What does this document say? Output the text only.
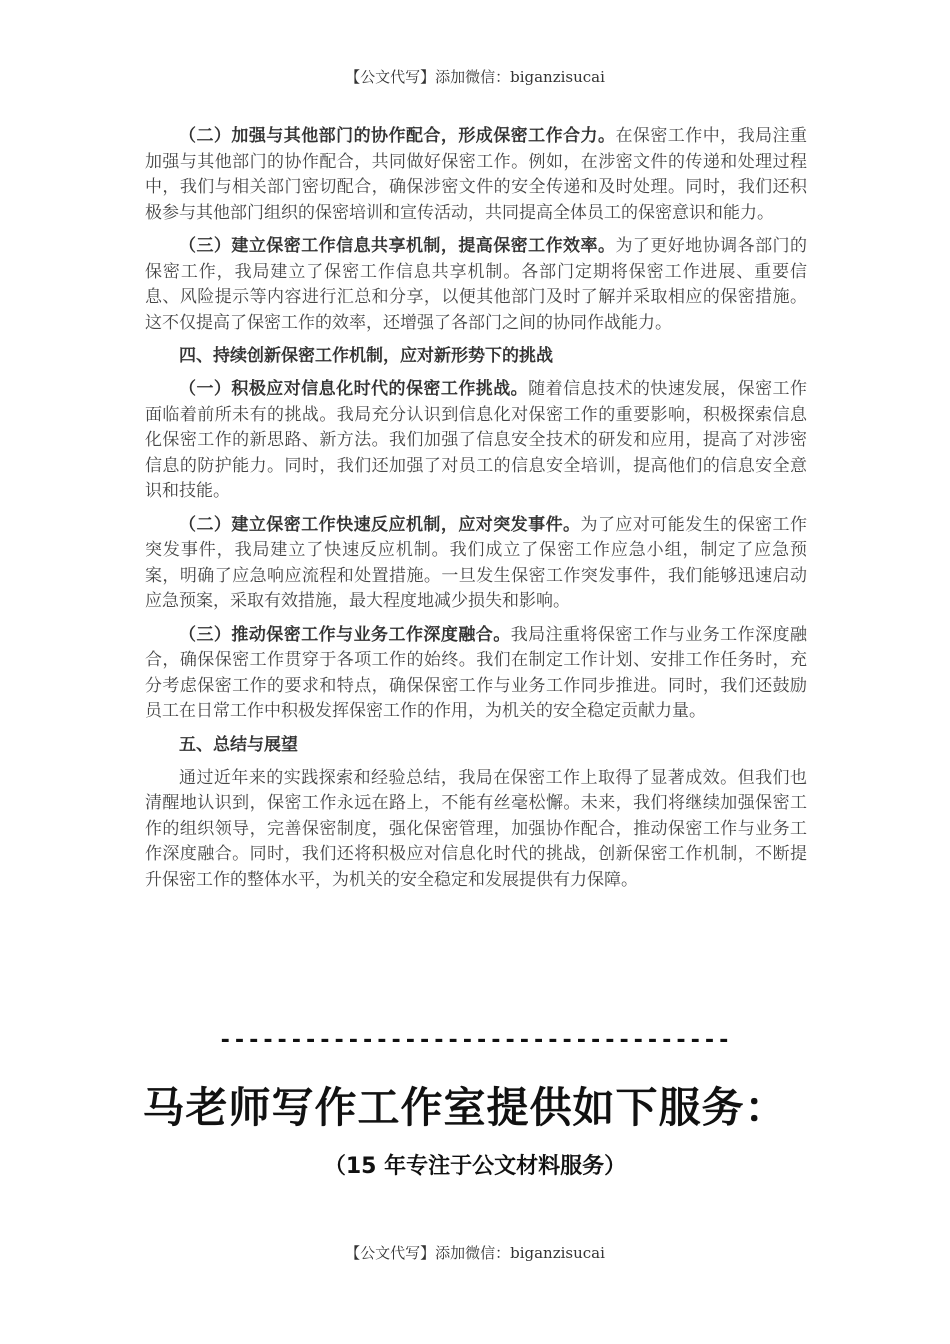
【公文代写】添加微信：biganzisucai

（二）加强与其他部门的协作配合，形成保密工作合力。在保密工作中，我局注重加强与其他部门的协作配合，共同做好保密工作。例如，在涉密文件的传递和处理过程中，我们与相关部门密切配合，确保涉密文件的安全传递和及时处理。同时，我们还积极参与其他部门组织的保密培训和宣传活动，共同提高全体员工的保密意识和能力。

（三）建立保密工作信息共享机制，提高保密工作效率。为了更好地协调各部门的保密工作，我局建立了保密工作信息共享机制。各部门定期将保密工作进展、重要信息、风险提示等内容进行汇总和分享，以便其他部门及时了解并采取相应的保密措施。这不仅提高了保密工作的效率，还增强了各部门之间的协同作战能力。

四、持续创新保密工作机制，应对新形势下的挑战

（一）积极应对信息化时代的保密工作挑战。随着信息技术的快速发展，保密工作面临着前所未有的挑战。我局充分认识到信息化对保密工作的重要影响，积极探索信息化保密工作的新思路、新方法。我们加强了信息安全技术的研发和应用，提高了对涉密信息的防护能力。同时，我们还加强了对员工的信息安全培训，提高他们的信息安全意识和技能。

（二）建立保密工作快速反应机制，应对突发事件。为了应对可能发生的保密工作突发事件，我局建立了快速反应机制。我们成立了保密工作应急小组，制定了应急预案，明确了应急响应流程和处置措施。一旦发生保密工作突发事件，我们能够迅速启动应急预案，采取有效措施，最大程度地减少损失和影响。

（三）推动保密工作与业务工作深度融合。我局注重将保密工作与业务工作深度融合，确保保密工作贯穿于各项工作的始终。我们在制定工作计划、安排工作任务时，充分考虑保密工作的要求和特点，确保保密工作与业务工作同步推进。同时，我们还鼓励员工在日常工作中积极发挥保密工作的作用，为机关的安全稳定贡献力量。

五、总结与展望

通过近年来的实践探索和经验总结，我局在保密工作上取得了显著成效。但我们也清醒地认识到，保密工作永远在路上，不能有丝毫松懈。未来，我们将继续加强保密工作的组织领导，完善保密制度，强化保密管理，加强协作配合，推动保密工作与业务工作深度融合。同时，我们还将积极应对信息化时代的挑战，创新保密工作机制，不断提升保密工作的整体水平，为机关的安全稳定和发展提供有力保障。

------------------------------------
马老师写作工作室提供如下服务：
（15 年专注于公文材料服务）
【公文代写】添加微信：biganzisucai
